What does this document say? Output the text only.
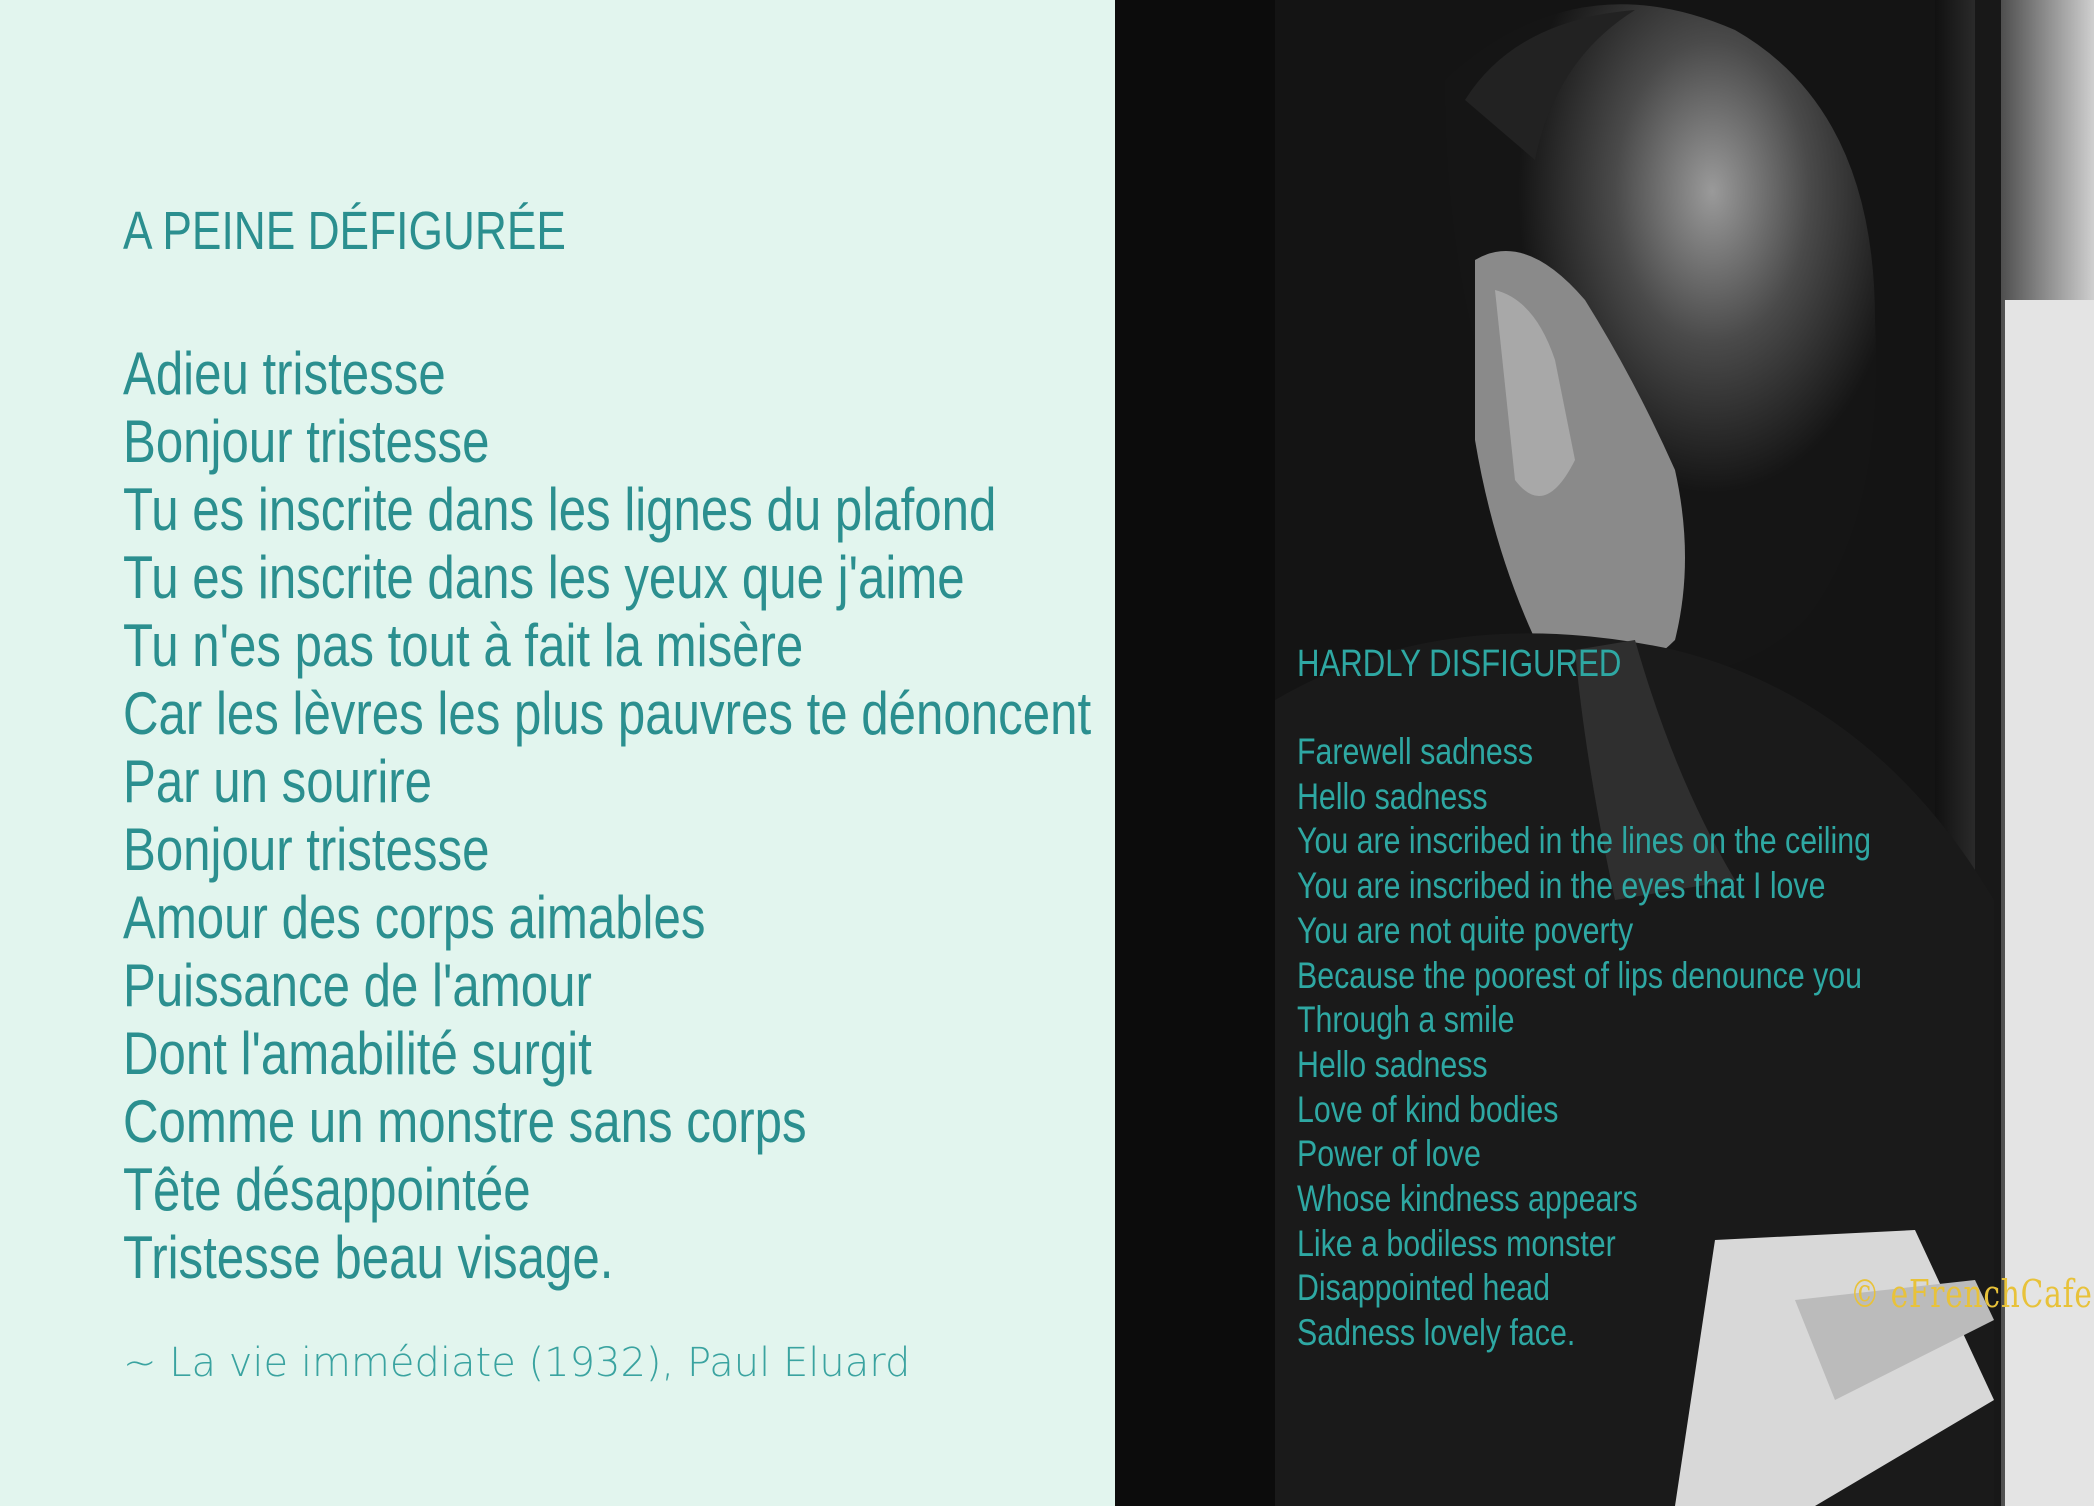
A PEINE DÉFIGURÉE
Adieu tristesse
Bonjour tristesse
Tu es inscrite dans les lignes du plafond
Tu es inscrite dans les yeux que j'aime
Tu n'es pas tout à fait la misère
Car les lèvres les plus pauvres te dénoncent
Par un sourire
Bonjour tristesse
Amour des corps aimables
Puissance de l'amour
Dont l'amabilité surgit
Comme un monstre sans corps
Tête désappointée
Tristesse beau visage.
~ La vie immédiate (1932), Paul Eluard
HARDLY DISFIGURED
Farewell sadness
Hello sadness
You are inscribed in the lines on the ceiling
You are inscribed in the eyes that I love
You are not quite poverty
Because the poorest of lips denounce you
Through a smile
Hello sadness
Love of kind bodies
Power of love
Whose kindness appears
Like a bodiless monster
Disappointed head
Sadness lovely face.
© eFrenchCafe
